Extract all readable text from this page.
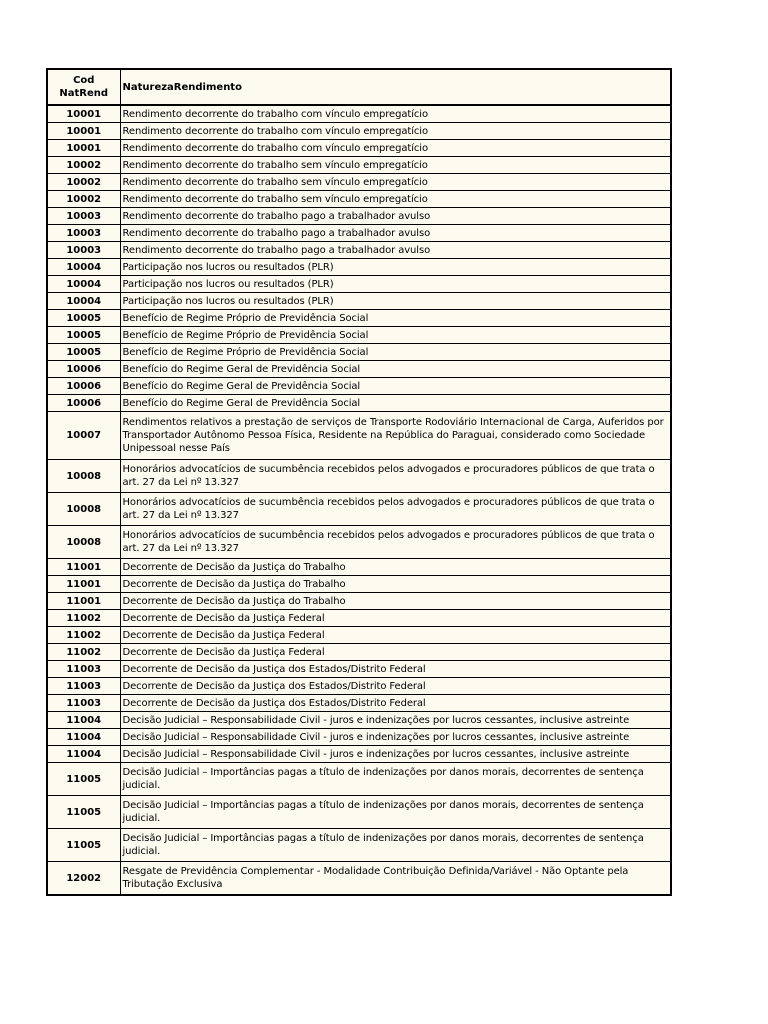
Cod NatRend	NaturezaRendimento
10001	Rendimento decorrente do trabalho com vínculo empregatício
10001	Rendimento decorrente do trabalho com vínculo empregatício
10001	Rendimento decorrente do trabalho com vínculo empregatício
10002	Rendimento decorrente do trabalho sem vínculo empregatício
10002	Rendimento decorrente do trabalho sem vínculo empregatício
10002	Rendimento decorrente do trabalho sem vínculo empregatício
10003	Rendimento decorrente do trabalho pago a trabalhador avulso
10003	Rendimento decorrente do trabalho pago a trabalhador avulso
10003	Rendimento decorrente do trabalho pago a trabalhador avulso
10004	Participação nos lucros ou resultados (PLR)
10004	Participação nos lucros ou resultados (PLR)
10004	Participação nos lucros ou resultados (PLR)
10005	Benefício de Regime Próprio de Previdência Social
10005	Benefício de Regime Próprio de Previdência Social
10005	Benefício de Regime Próprio de Previdência Social
10006	Benefício do Regime Geral de Previdência Social
10006	Benefício do Regime Geral de Previdência Social
10006	Benefício do Regime Geral de Previdência Social
10007	Rendimentos relativos a prestação de serviços de Transporte Rodoviário Internacional de Carga, Auferidos por Transportador Autônomo Pessoa Física, Residente na República do Paraguai, considerado como Sociedade Unipessoal nesse País
10008	Honorários advocatícios de sucumbência recebidos pelos advogados e procuradores públicos de que trata o art. 27 da Lei nº 13.327
10008	Honorários advocatícios de sucumbência recebidos pelos advogados e procuradores públicos de que trata o art. 27 da Lei nº 13.327
10008	Honorários advocatícios de sucumbência recebidos pelos advogados e procuradores públicos de que trata o art. 27 da Lei nº 13.327
11001	Decorrente de Decisão da Justiça do Trabalho
11001	Decorrente de Decisão da Justiça do Trabalho
11001	Decorrente de Decisão da Justiça do Trabalho
11002	Decorrente de Decisão da Justiça Federal
11002	Decorrente de Decisão da Justiça Federal
11002	Decorrente de Decisão da Justiça Federal
11003	Decorrente de Decisão da Justiça dos Estados/Distrito Federal
11003	Decorrente de Decisão da Justiça dos Estados/Distrito Federal
11003	Decorrente de Decisão da Justiça dos Estados/Distrito Federal
11004	Decisão Judicial – Responsabilidade Civil - juros e indenizações por lucros cessantes, inclusive astreinte
11004	Decisão Judicial – Responsabilidade Civil - juros e indenizações por lucros cessantes, inclusive astreinte
11004	Decisão Judicial – Responsabilidade Civil - juros e indenizações por lucros cessantes, inclusive astreinte
11005	Decisão Judicial – Importâncias pagas a título de indenizações por danos morais, decorrentes de sentença judicial.
11005	Decisão Judicial – Importâncias pagas a título de indenizações por danos morais, decorrentes de sentença judicial.
11005	Decisão Judicial – Importâncias pagas a título de indenizações por danos morais, decorrentes de sentença judicial.
12002	Resgate de Previdência Complementar - Modalidade Contribuição Definida/Variável - Não Optante pela Tributação Exclusiva
